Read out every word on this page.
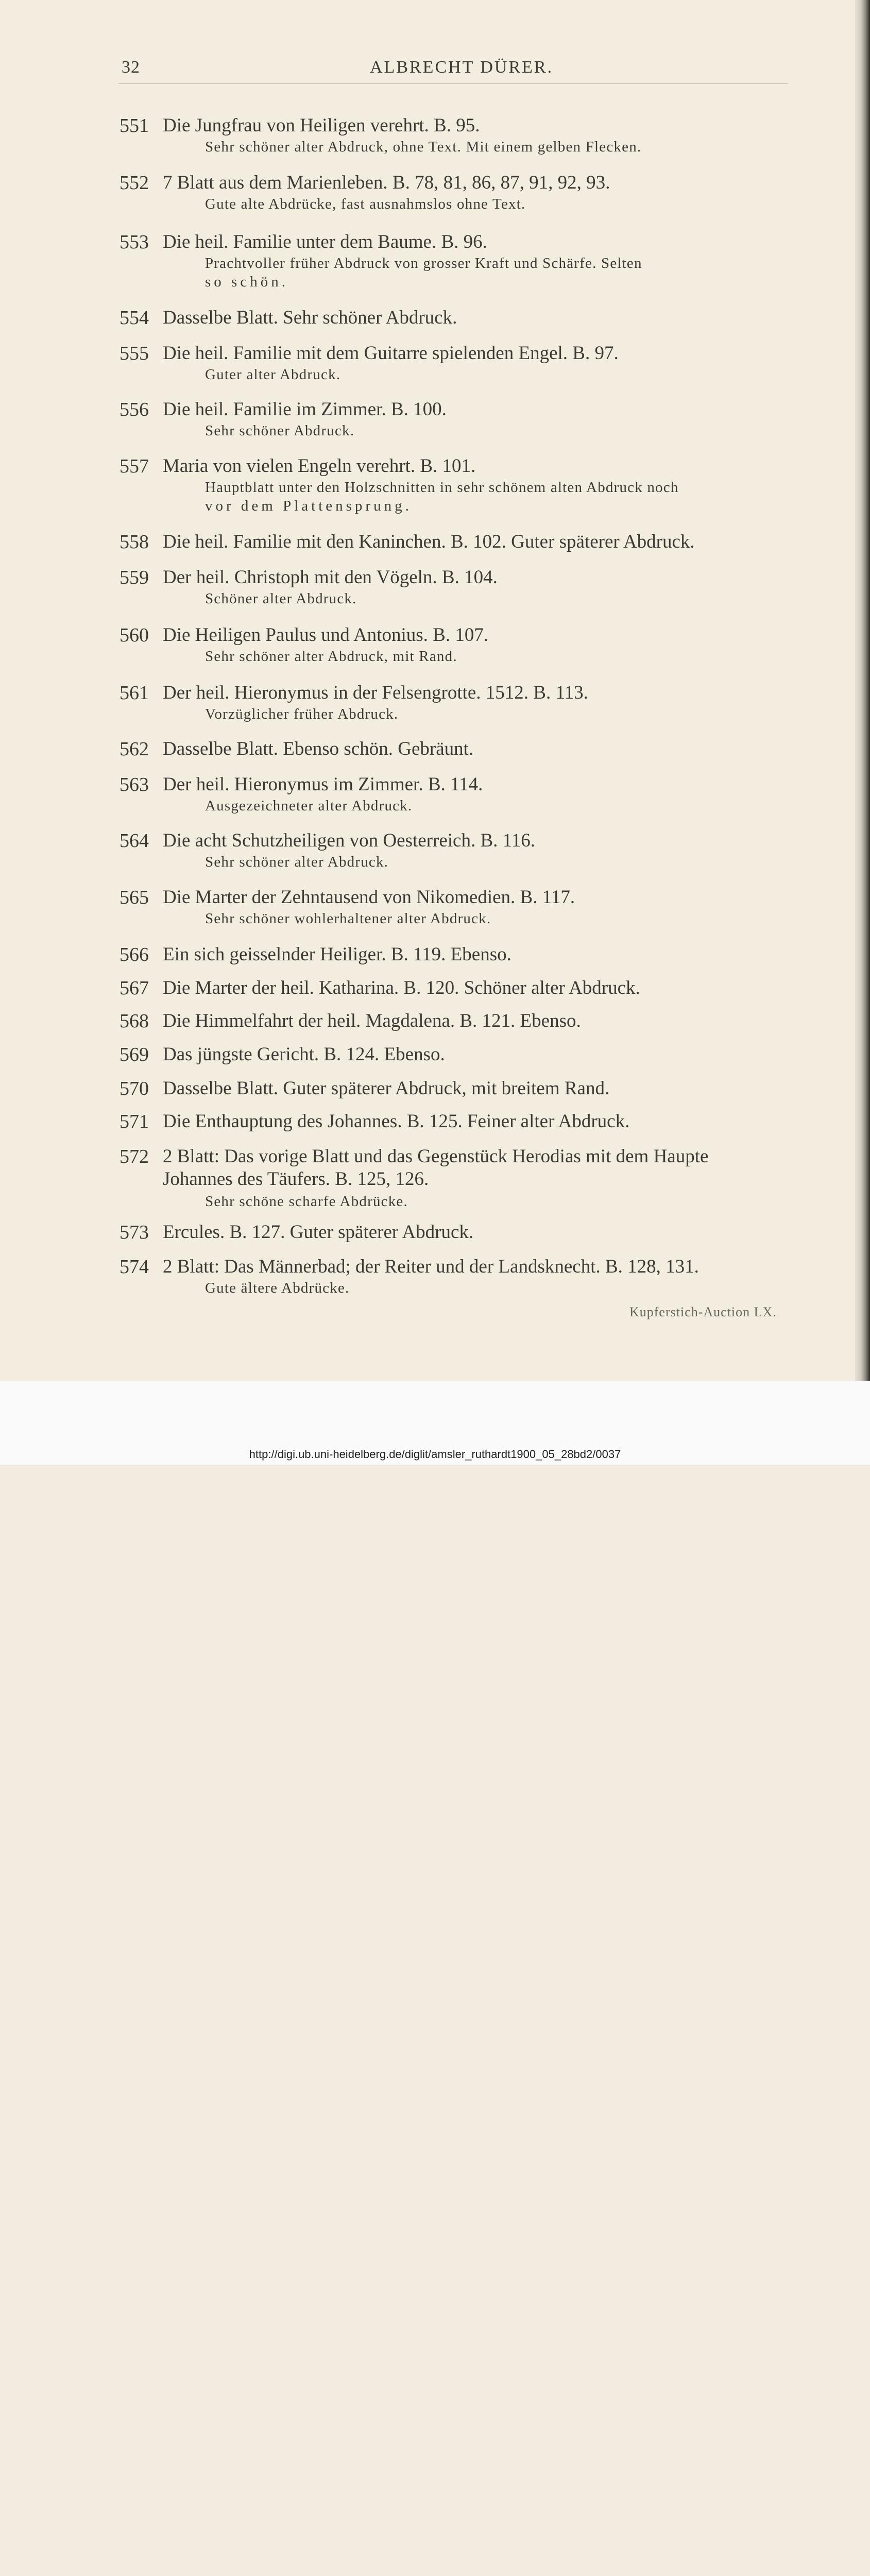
32	ALBRECHT DÜRER.
551 Die Jungfrau von Heiligen verehrt. B. 95.
Sehr schöner alter Abdruck, ohne Text. Mit einem gelben Flecken.
552 7 Blatt aus dem Marienleben. B. 78, 81, 86, 87, 91, 92, 93.
Gute alte Abdrücke, fast ausnahmslos ohne Text.
553 Die heil. Familie unter dem Baume. B. 96.
Prachtvoller früher Abdruck von grosser Kraft und Schärfe. Selten
so schön.
554 Dasselbe Blatt. Sehr schöner Abdruck.
555 Die heil. Familie mit dem Guitarre spielenden Engel. B. 97.
Guter alter Abdruck.
556 Die heil. Familie im Zimmer. B. 100.
Sehr schöner Abdruck.
557 Maria von vielen Engeln verehrt. B. 101.
Hauptblatt unter den Holzschnitten in sehr schönem alten Abdruck noch
vor dem Plattensprung.
558 Die heil. Familie mit den Kaninchen. B. 102. Guter späterer Abdruck.
559 Der heil. Christoph mit den Vögeln. B. 104.
Schöner alter Abdruck.
560 Die Heiligen Paulus und Antonius. B. 107.
Sehr schöner alter Abdruck, mit Rand.
561 Der heil. Hieronymus in der Felsengrotte. 1512. B. 113.
Vorzüglicher früher Abdruck.
562 Dasselbe Blatt. Ebenso schön. Gebräunt.
563 Der heil. Hieronymus im Zimmer. B. 114.
Ausgezeichneter alter Abdruck.
564 Die acht Schutzheiligen von Oesterreich. B. 116.
Sehr schöner alter Abdruck.
565 Die Marter der Zehntausend von Nikomedien. B. 117.
Sehr schöner wohlerhaltener alter Abdruck.
566 Ein sich geisselnder Heiliger. B. 119. Ebenso.
567 Die Marter der heil. Katharina. B. 120. Schöner alter Abdruck.
568 Die Himmelfahrt der heil. Magdalena. B. 121. Ebenso.
569 Das jüngste Gericht. B. 124. Ebenso.
570 Dasselbe Blatt. Guter späterer Abdruck, mit breitem Rand.
571 Die Enthauptung des Johannes. B. 125. Feiner alter Abdruck.
572 2 Blatt: Das vorige Blatt und das Gegenstück Herodias mit dem Haupte
Johannes des Täufers. B. 125, 126.
Sehr schöne scharfe Abdrücke.
573 Ercules. B. 127. Guter späterer Abdruck.
574 2 Blatt: Das Männerbad; der Reiter und der Landsknecht. B. 128, 131.
Gute ältere Abdrücke.
Kupferstich-Auction LX.
http://digi.ub.uni-heidelberg.de/diglit/amsler_ruthardt1900_05_28bd2/0037
